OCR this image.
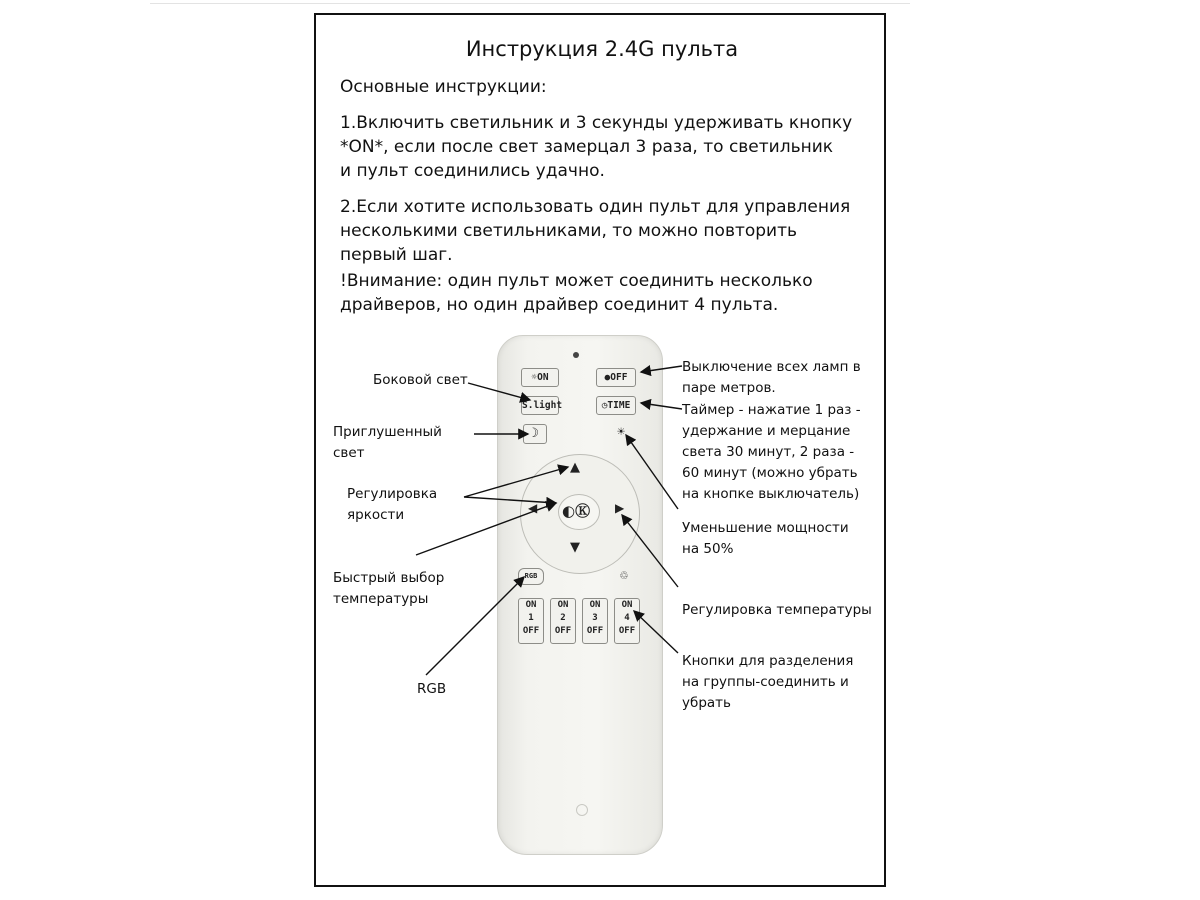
Инструкция 2.4G пульта
Основные инструкции:
1.Включить светильник и 3 секунды удерживать кнопку
*ON*, если после свет замерцал 3 раза, то светильник
и пульт соединились удачно.
2.Если хотите использовать один пульт для управления
несколькими светильниками, то можно повторить
первый шаг.
!Внимание: один пульт может соединить несколько
драйверов, но один драйвер соединит 4 пульта.
☼ON	●OFF
S.light	◷TIME
☽	☀
▲
▼
◀	▶
◐Ⓚ
RGB	♲
ON
1
OFF
ON
2
OFF
ON
3
OFF
ON
4
OFF
Боковой свет
Приглушенный
свет
Регулировка
яркости
Быстрый выбор
температуры
RGB
Выключение всех ламп в
паре метров.
Таймер - нажатие 1 раз -
удержание и мерцание
света 30 минут, 2 раза -
60 минут (можно убрать
на кнопке выключатель)
Уменьшение мощности
на 50%
Регулировка температуры
Кнопки для разделения
на группы-соединить и
убрать
